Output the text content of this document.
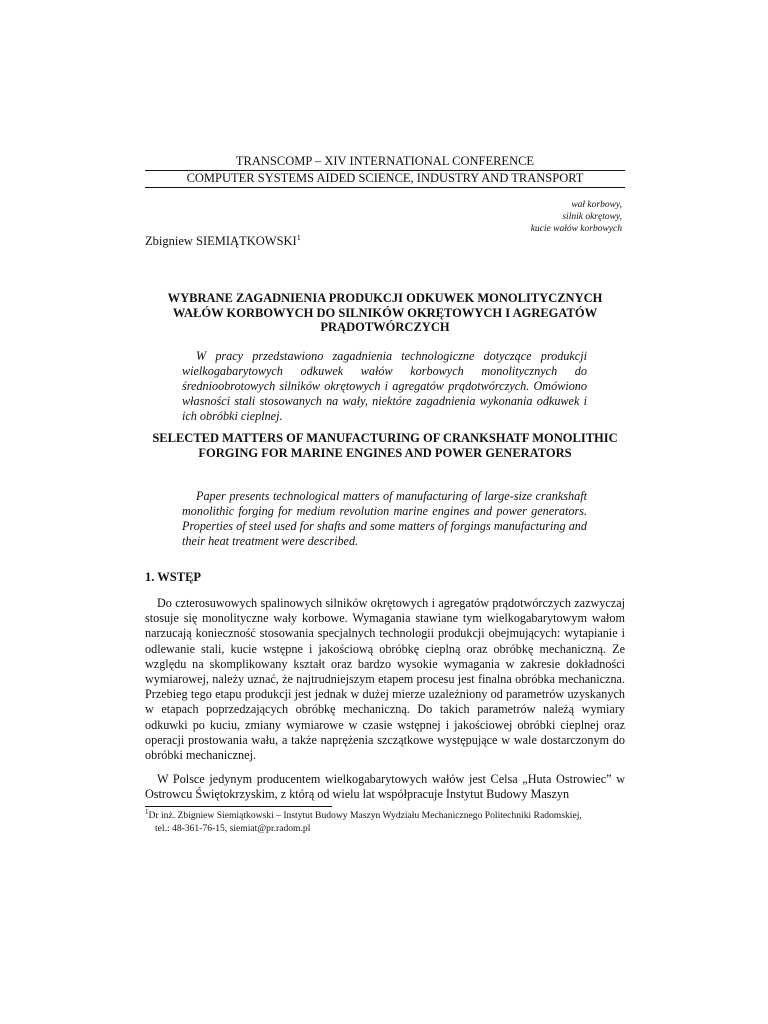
TRANSCOMP – XIV INTERNATIONAL CONFERENCE

COMPUTER SYSTEMS AIDED SCIENCE, INDUSTRY AND TRANSPORT

wał korbowy,
silnik okrętowy,
kucie wałów korbowych

Zbigniew SIEMIĄTKOWSKI$^1$

WYBRANE ZAGADNIENIA PRODUKCJI ODKUWEK MONOLITYCZNYCH WAŁÓW KORBOWYCH DO SILNIKÓW OKRĘTOWYCH I AGREGATÓW PRĄDOTWÓRCZYCH

W pracy przedstawiono zagadnienia technologiczne dotyczące produkcji wielkogabarytowych odkuwek wałów korbowych monolitycznych do średnioobrotowych silników okrętowych i agregatów prądotwórczych. Omówiono własności stali stosowanych na wały, niektóre zagadnienia wykonania odkuwek i ich obróbki cieplnej.

SELECTED MATTERS OF MANUFACTURING OF CRANKSHATF MONOLITHIC FORGING FOR MARINE ENGINES AND POWER GENERATORS

Paper presents technological matters of manufacturing of large-size crankshaft monolithic forging for medium revolution marine engines and power generators. Properties of steel used for shafts and some matters of forgings manufacturing and their heat treatment were described.

1. WSTĘP

Do czterosuwowych spalinowych silników okrętowych i agregatów prądotwórczych zazwyczaj stosuje się monolityczne wały korbowe. Wymagania stawiane tym wielkogabarytowym wałom narzucają konieczność stosowania specjalnych technologii produkcji obejmujących: wytapianie i odlewanie stali, kucie wstępne i jakościową obróbkę cieplną oraz obróbkę mechaniczną. Ze względu na skomplikowany kształt oraz bardzo wysokie wymagania w zakresie dokładności wymiarowej, należy uznać, że najtrudniejszym etapem procesu jest finalna obróbka mechaniczna. Przebieg tego etapu produkcji jest jednak w dużej mierze uzależniony od parametrów uzyskanych w etapach poprzedzających obróbkę mechaniczną. Do takich parametrów należą wymiary odkuwki po kuciu, zmiany wymiarowe w czasie wstępnej i jakościowej obróbki cieplnej oraz operacji prostowania wału, a także naprężenia szczątkowe występujące w wale dostarczonym do obróbki mechanicznej.

W Polsce jedynym producentem wielkogabarytowych wałów jest Celsa „Huta Ostrowiec” w Ostrowcu Świętokrzyskim, z którą od wielu lat współpracuje Instytut Budowy Maszyn

$^1$Dr inż. Zbigniew Siemiątkowski – Instytut Budowy Maszyn Wydziału Mechanicznego Politechniki Radomskiej,
tel.: 48-361-76-15, siemiat@pr.radom.pl
